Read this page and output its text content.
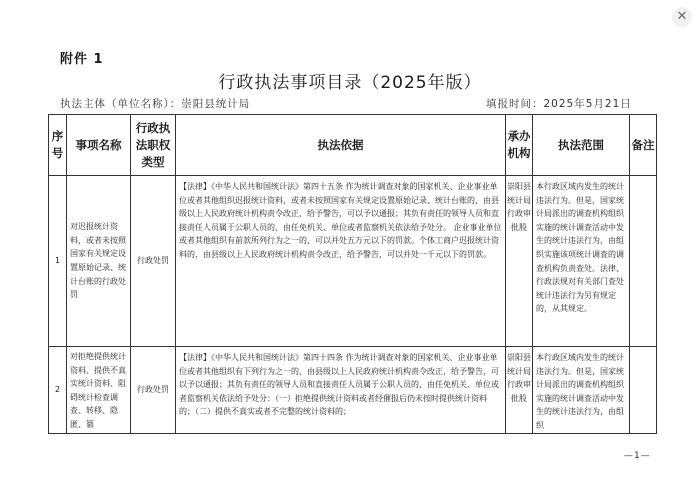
✕
附件 1
行政执法事项目录（2025年版）
执法主体（单位名称）：崇阳县统计局	填报时间：2025年5月21日
序号	事项名称	行政执法职权类型	执法依据	承办机构	执法范围	备注
1	对迟报统计资料，或者未按照国家有关规定设置原始记录、统计台账的行政处罚	行政处罚	【法律】《中华人民共和国统计法》第四十五条 作为统计调查对象的国家机关、企业事业单位或者其他组织迟报统计资料，或者未按照国家有关规定设置原始记录、统计台账的，由县级以上人民政府统计机构责令改正，给予警告，可以予以通报；其负有责任的领导人员和直接责任人员属于公职人员的，由任免机关、单位或者监察机关依法给予处分。 企业事业单位或者其他组织有前款所列行为之一的，可以并处五万元以下的罚款。个体工商户迟报统计资料的，由县级以上人民政府统计机构责令改正，给予警告，可以并处一千元以下的罚款。	崇阳县统计局行政审批股	本行政区域内发生的统计违法行为。但是，国家统计局派出的调查机构组织实施的统计调查活动中发生的统计违法行为，由组织实施该项统计调查的调查机构负责查处。法律、行政法规对有关部门查处统计违法行为另有规定的，从其规定。	

2	对拒绝提供统计资料、提供不真实统计资料、阻碍统计检查调查、转移、隐匿、篡	行政处罚	【法律】《中华人民共和国统计法》第四十四条 作为统计调查对象的国家机关、企业事业单位或者其他组织有下列行为之一的，由县级以上人民政府统计机构责令改正，给予警告，可以予以通报；其负有责任的领导人员和直接责任人员属于公职人员的，由任免机关、单位或者监察机关依法给予处分：（一）拒绝提供统计资料或者经催报后仍未按时提供统计资料的；（二）提供不真实或者不完整的统计资料的；	崇阳县统计局行政审批股	本行政区域内发生的统计违法行为。但是，国家统计局派出的调查机构组织实施的统计调查活动中发生的统计违法行为，由组织	

—1—
